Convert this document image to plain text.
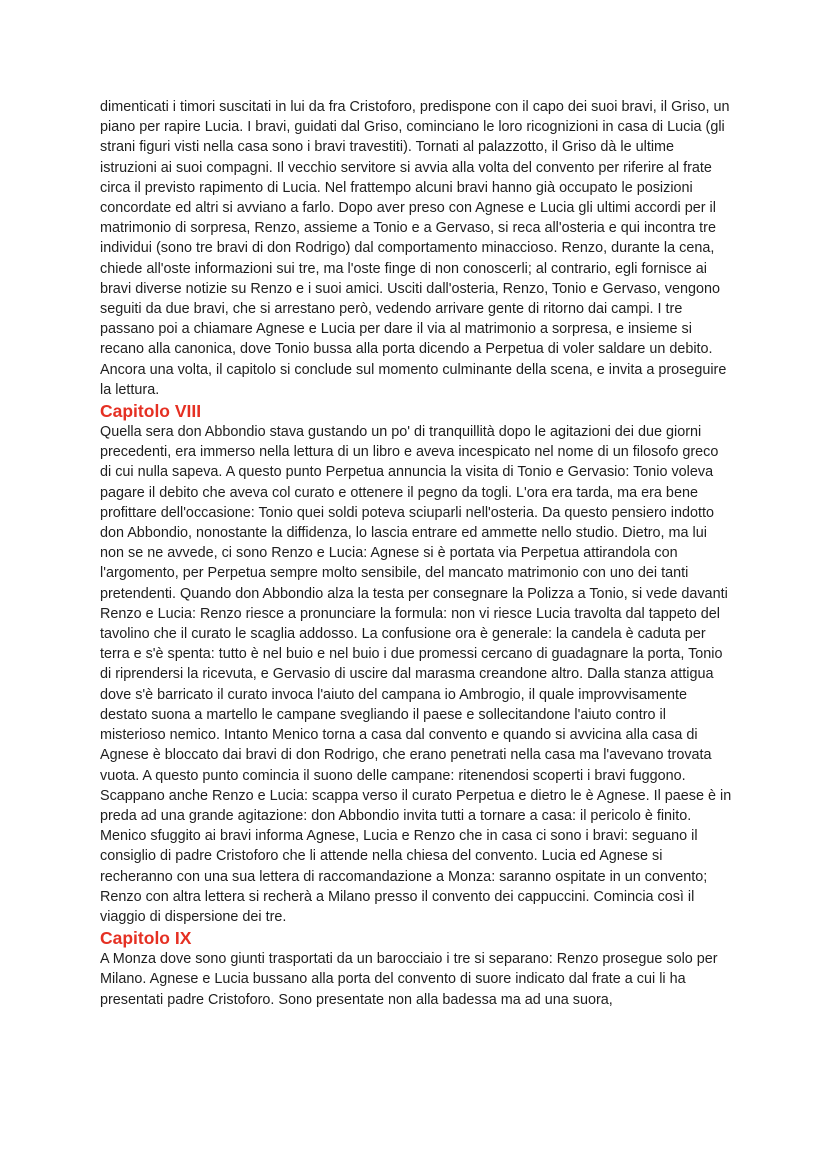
dimenticati i timori suscitati in lui da fra Cristoforo, predispone con il capo dei suoi bravi, il Griso, un piano per rapire Lucia. I bravi, guidati dal Griso, cominciano le loro ricognizioni in casa di Lucia (gli strani figuri visti nella casa sono i bravi travestiti). Tornati al palazzotto, il Griso dà le ultime istruzioni ai suoi compagni. Il vecchio servitore si avvia alla volta del convento per riferire al frate circa il previsto rapimento di Lucia. Nel frattempo alcuni bravi hanno già occupato le posizioni concordate ed altri si avviano a farlo. Dopo aver preso con Agnese e Lucia gli ultimi accordi per il matrimonio di sorpresa, Renzo, assieme a Tonio e a Gervaso, si reca all'osteria e qui incontra tre individui (sono tre bravi di don Rodrigo) dal comportamento minaccioso. Renzo, durante la cena, chiede all'oste informazioni sui tre, ma l'oste finge di non conoscerli; al contrario, egli fornisce ai bravi diverse notizie su Renzo e i suoi amici. Usciti dall'osteria, Renzo, Tonio e Gervaso, vengono seguiti da due bravi, che si arrestano però, vedendo arrivare gente di ritorno dai campi. I tre passano poi a chiamare Agnese e Lucia per dare il via al matrimonio a sorpresa, e insieme si recano alla canonica, dove Tonio bussa alla porta dicendo a Perpetua di voler saldare un debito. Ancora una volta, il capitolo si conclude sul momento culminante della scena, e invita a proseguire la lettura.

Capitolo VIII

Quella sera don Abbondio stava gustando un po' di tranquillità dopo le agitazioni dei due giorni precedenti, era immerso nella lettura di un libro e aveva incespicato nel nome di un filosofo greco di cui nulla sapeva. A questo punto Perpetua annuncia la visita di Tonio e Gervasio: Tonio voleva pagare il debito che aveva col curato e ottenere il pegno da togli. L'ora era tarda, ma era bene profittare dell'occasione: Tonio quei soldi poteva sciuparli nell'osteria. Da questo pensiero indotto don Abbondio, nonostante la diffidenza, lo lascia entrare ed ammette nello studio. Dietro, ma lui non se ne avvede, ci sono Renzo e Lucia: Agnese si è portata via Perpetua attirandola con l'argomento, per Perpetua sempre molto sensibile, del mancato matrimonio con uno dei tanti pretendenti. Quando don Abbondio alza la testa per consegnare la Polizza a Tonio, si vede davanti Renzo e Lucia: Renzo riesce a pronunciare la formula: non vi riesce Lucia travolta dal tappeto del tavolino che il curato le scaglia addosso. La confusione ora è generale: la candela è caduta per terra e s'è spenta: tutto è nel buio e nel buio i due promessi cercano di guadagnare la porta, Tonio di riprendersi la ricevuta, e Gervasio di uscire dal marasma creandone altro. Dalla stanza attigua dove s'è barricato il curato invoca l'aiuto del campana io Ambrogio, il quale improvvisamente destato suona a martello le campane svegliando il paese e sollecitandone l'aiuto contro il misterioso nemico. Intanto Menico torna a casa dal convento e quando si avvicina alla casa di Agnese è bloccato dai bravi di don Rodrigo, che erano penetrati nella casa ma l'avevano trovata vuota. A questo punto comincia il suono delle campane: ritenendosi scoperti i bravi fuggono. Scappano anche Renzo e Lucia: scappa verso il curato Perpetua e dietro le è Agnese. Il paese è in preda ad una grande agitazione: don Abbondio invita tutti a tornare a casa: il pericolo è finito. Menico sfuggito ai bravi informa Agnese, Lucia e Renzo che in casa ci sono i bravi: seguano il consiglio di padre Cristoforo che li attende nella chiesa del convento. Lucia ed Agnese si recheranno con una sua lettera di raccomandazione a Monza: saranno ospitate in un convento; Renzo con altra lettera si recherà a Milano presso il convento dei cappuccini. Comincia così il viaggio di dispersione dei tre.

Capitolo IX

A Monza dove sono giunti trasportati da un barocciaio i tre si separano: Renzo prosegue solo per Milano. Agnese e Lucia bussano alla porta del convento di suore indicato dal frate a cui li ha presentati padre Cristoforo. Sono presentate non alla badessa ma ad una suora,
